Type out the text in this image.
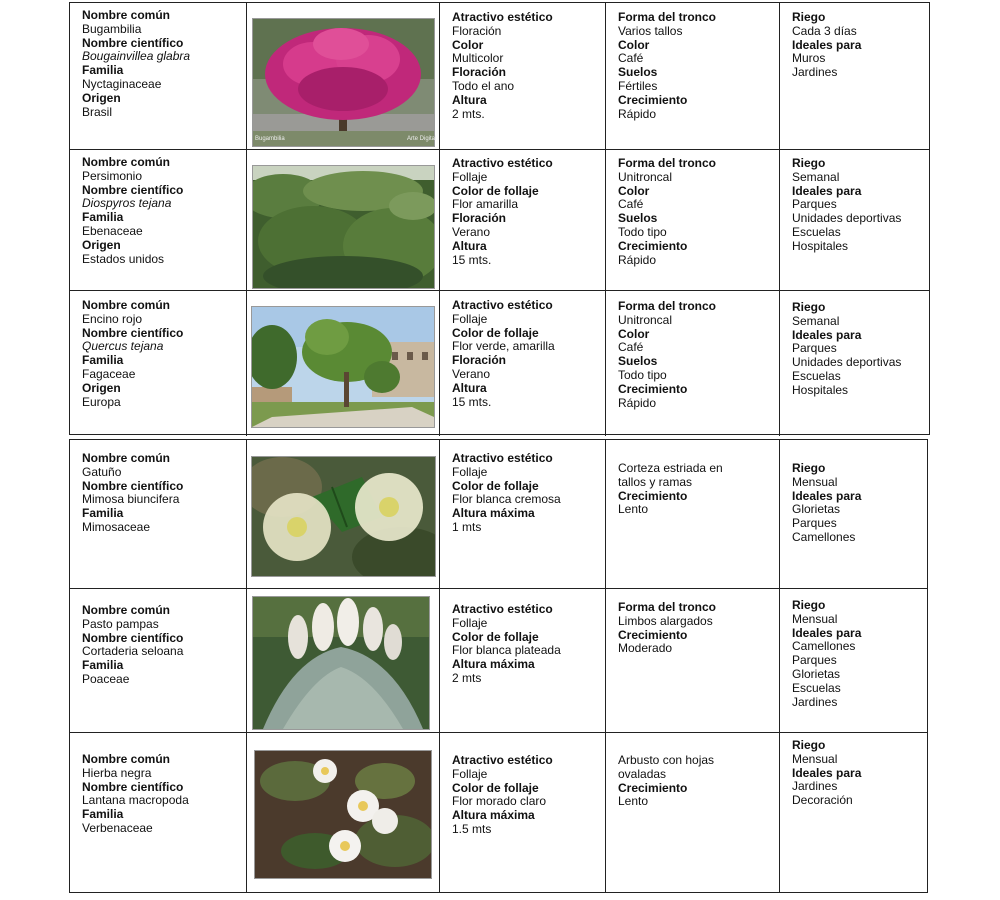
Nombre común
Bugambilia
Nombre científico
Bougainvillea glabra
Familia
Nyctaginaceae
Origen
Brasil
Bugambilia	Arte Digital
Atractivo estético
Floración
Color
Multicolor
Floración
Todo el ano
Altura
2 mts.
Forma del tronco
Varios tallos
Color
Café
Suelos
Fértiles
Crecimiento
Rápido
Riego
Cada 3 días
Ideales para
Muros
Jardines
Nombre común
Persimonio
Nombre científico
Diospyros tejana
Familia
Ebenaceae
Origen
Estados unidos
Atractivo estético
Follaje
Color de follaje
Flor amarilla
Floración
Verano
Altura
15 mts.
Forma del tronco
Unitroncal
Color
Café
Suelos
Todo tipo
Crecimiento
Rápido
Riego
Semanal
Ideales para
Parques
Unidades deportivas
Escuelas
Hospitales
Nombre común
Encino rojo
Nombre científico
Quercus tejana
Familia
Fagaceae
Origen
Europa
Atractivo estético
Follaje
Color de follaje
Flor verde, amarilla
Floración
Verano
Altura
15 mts.
Forma del tronco
Unitroncal
Color
Café
Suelos
Todo tipo
Crecimiento
Rápido
Riego
Semanal
Ideales para
Parques
Unidades deportivas
Escuelas
Hospitales
Nombre común
Gatuño
Nombre científico
Mimosa biuncifera
Familia
Mimosaceae
Atractivo estético
Follaje
Color de follaje
Flor blanca cremosa
Altura máxima
1 mts
Corteza estriada en
tallos y ramas
Crecimiento
Lento
Riego
Mensual
Ideales para
Glorietas
Parques
Camellones
Nombre común
Pasto pampas
Nombre científico
Cortaderia seloana
Familia
Poaceae
Atractivo estético
Follaje
Color de follaje
Flor blanca plateada
Altura máxima
2 mts
Forma del tronco
Limbos alargados
Crecimiento
Moderado
Riego
Mensual
Ideales para
Camellones
Parques
Glorietas
Escuelas
Jardines
Nombre común
Hierba negra
Nombre científico
Lantana macropoda
Familia
Verbenaceae
Atractivo estético
Follaje
Color de follaje
Flor morado claro
Altura máxima
1.5 mts
Arbusto con hojas
ovaladas
Crecimiento
Lento
Riego
Mensual
Ideales para
Jardines
Decoración
